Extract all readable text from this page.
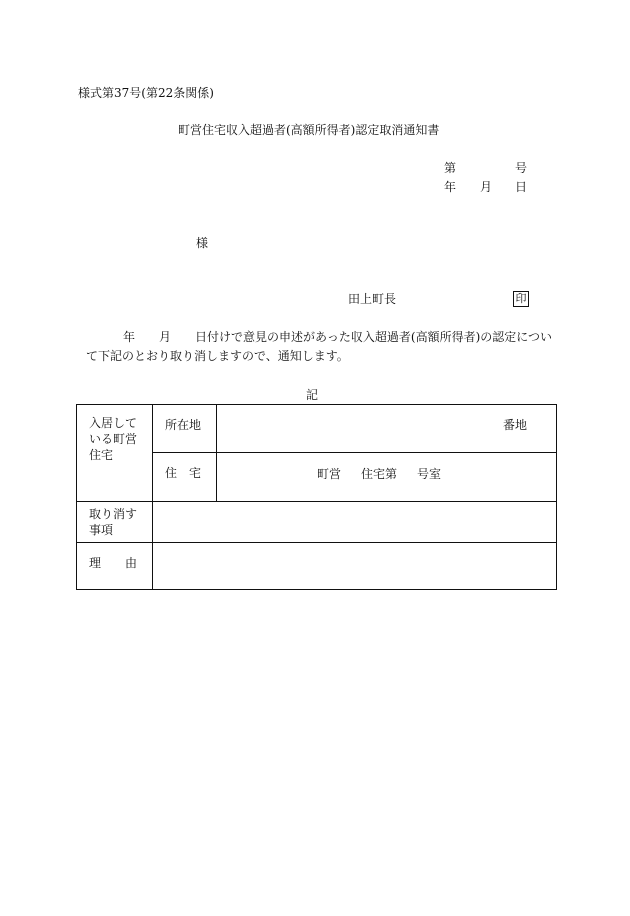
様式第37号(第22条関係)
町営住宅収入超過者(高額所得者)認定取消通知書
第	号
年 月 日
様
田上町長	印
年 月 日付けで意見の申述があった収入超過者(高額所得者)の認定につい
て下記のとおり取り消しますので、通知します。
記
入居して
いる町営
住宅	所在地	番地

	住　宅	町営 住宅第 号室

取り消す
事項		

理　　由		
